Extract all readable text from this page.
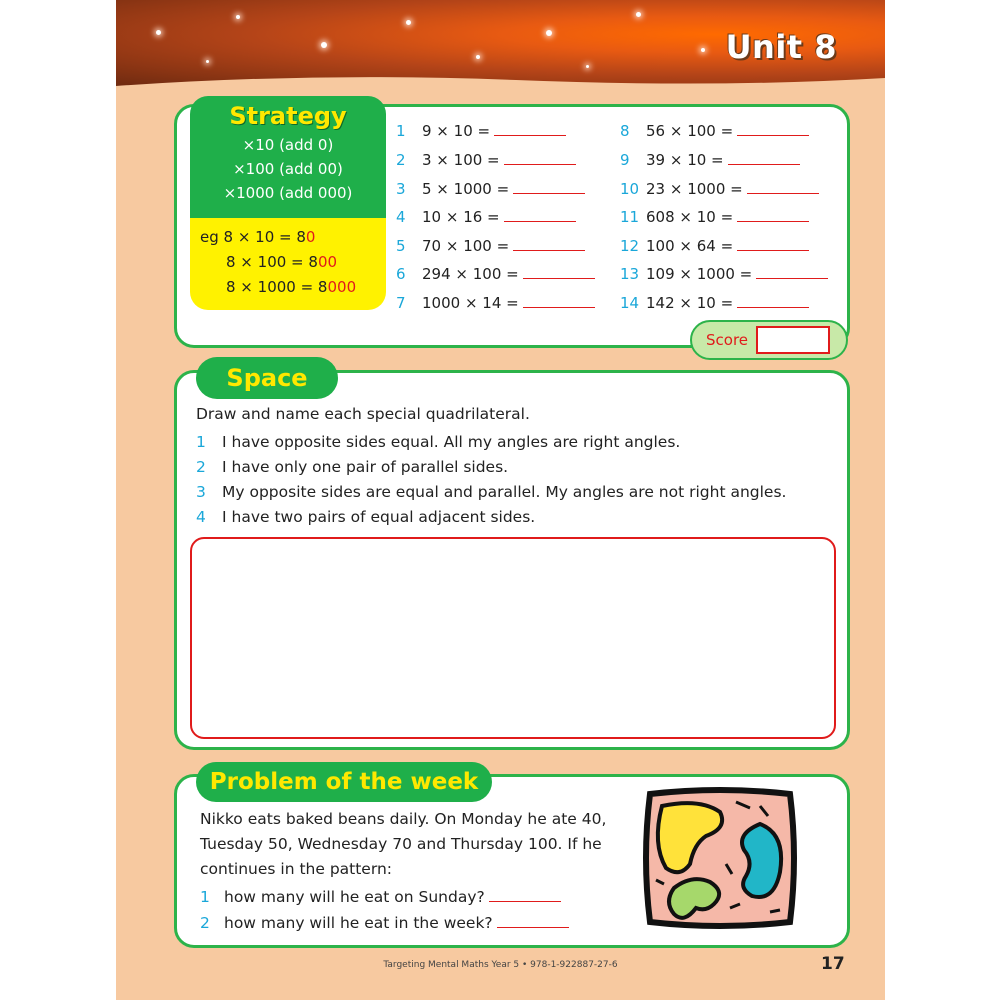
Unit 8
Strategy
×10 (add 0)
×100 (add 00)
×1000 (add 000)
eg 8 × 10 = 80
8 × 100 = 800
8 × 1000 = 8000
1 9 × 10 =
2 3 × 100 =
3 5 × 1000 =
4 10 × 16 =
5 70 × 100 =
6 294 × 100 =
7 1000 × 14 =
8 56 × 100 =
9 39 × 10 =
10 23 × 1000 =
11 608 × 10 =
12 100 × 64 =
13 109 × 1000 =
14 142 × 10 =
Score
Space
Draw and name each special quadrilateral.
1 I have opposite sides equal. All my angles are right angles.
2 I have only one pair of parallel sides.
3 My opposite sides are equal and parallel. My angles are not right angles.
4 I have two pairs of equal adjacent sides.
Problem of the week
Nikko eats baked beans daily. On Monday he ate 40,
Tuesday 50, Wednesday 70 and Thursday 100. If he
continues in the pattern:
1 how many will he eat on Sunday?
2 how many will he eat in the week?
Targeting Mental Maths Year 5 • 978-1-922887-27-6	17
